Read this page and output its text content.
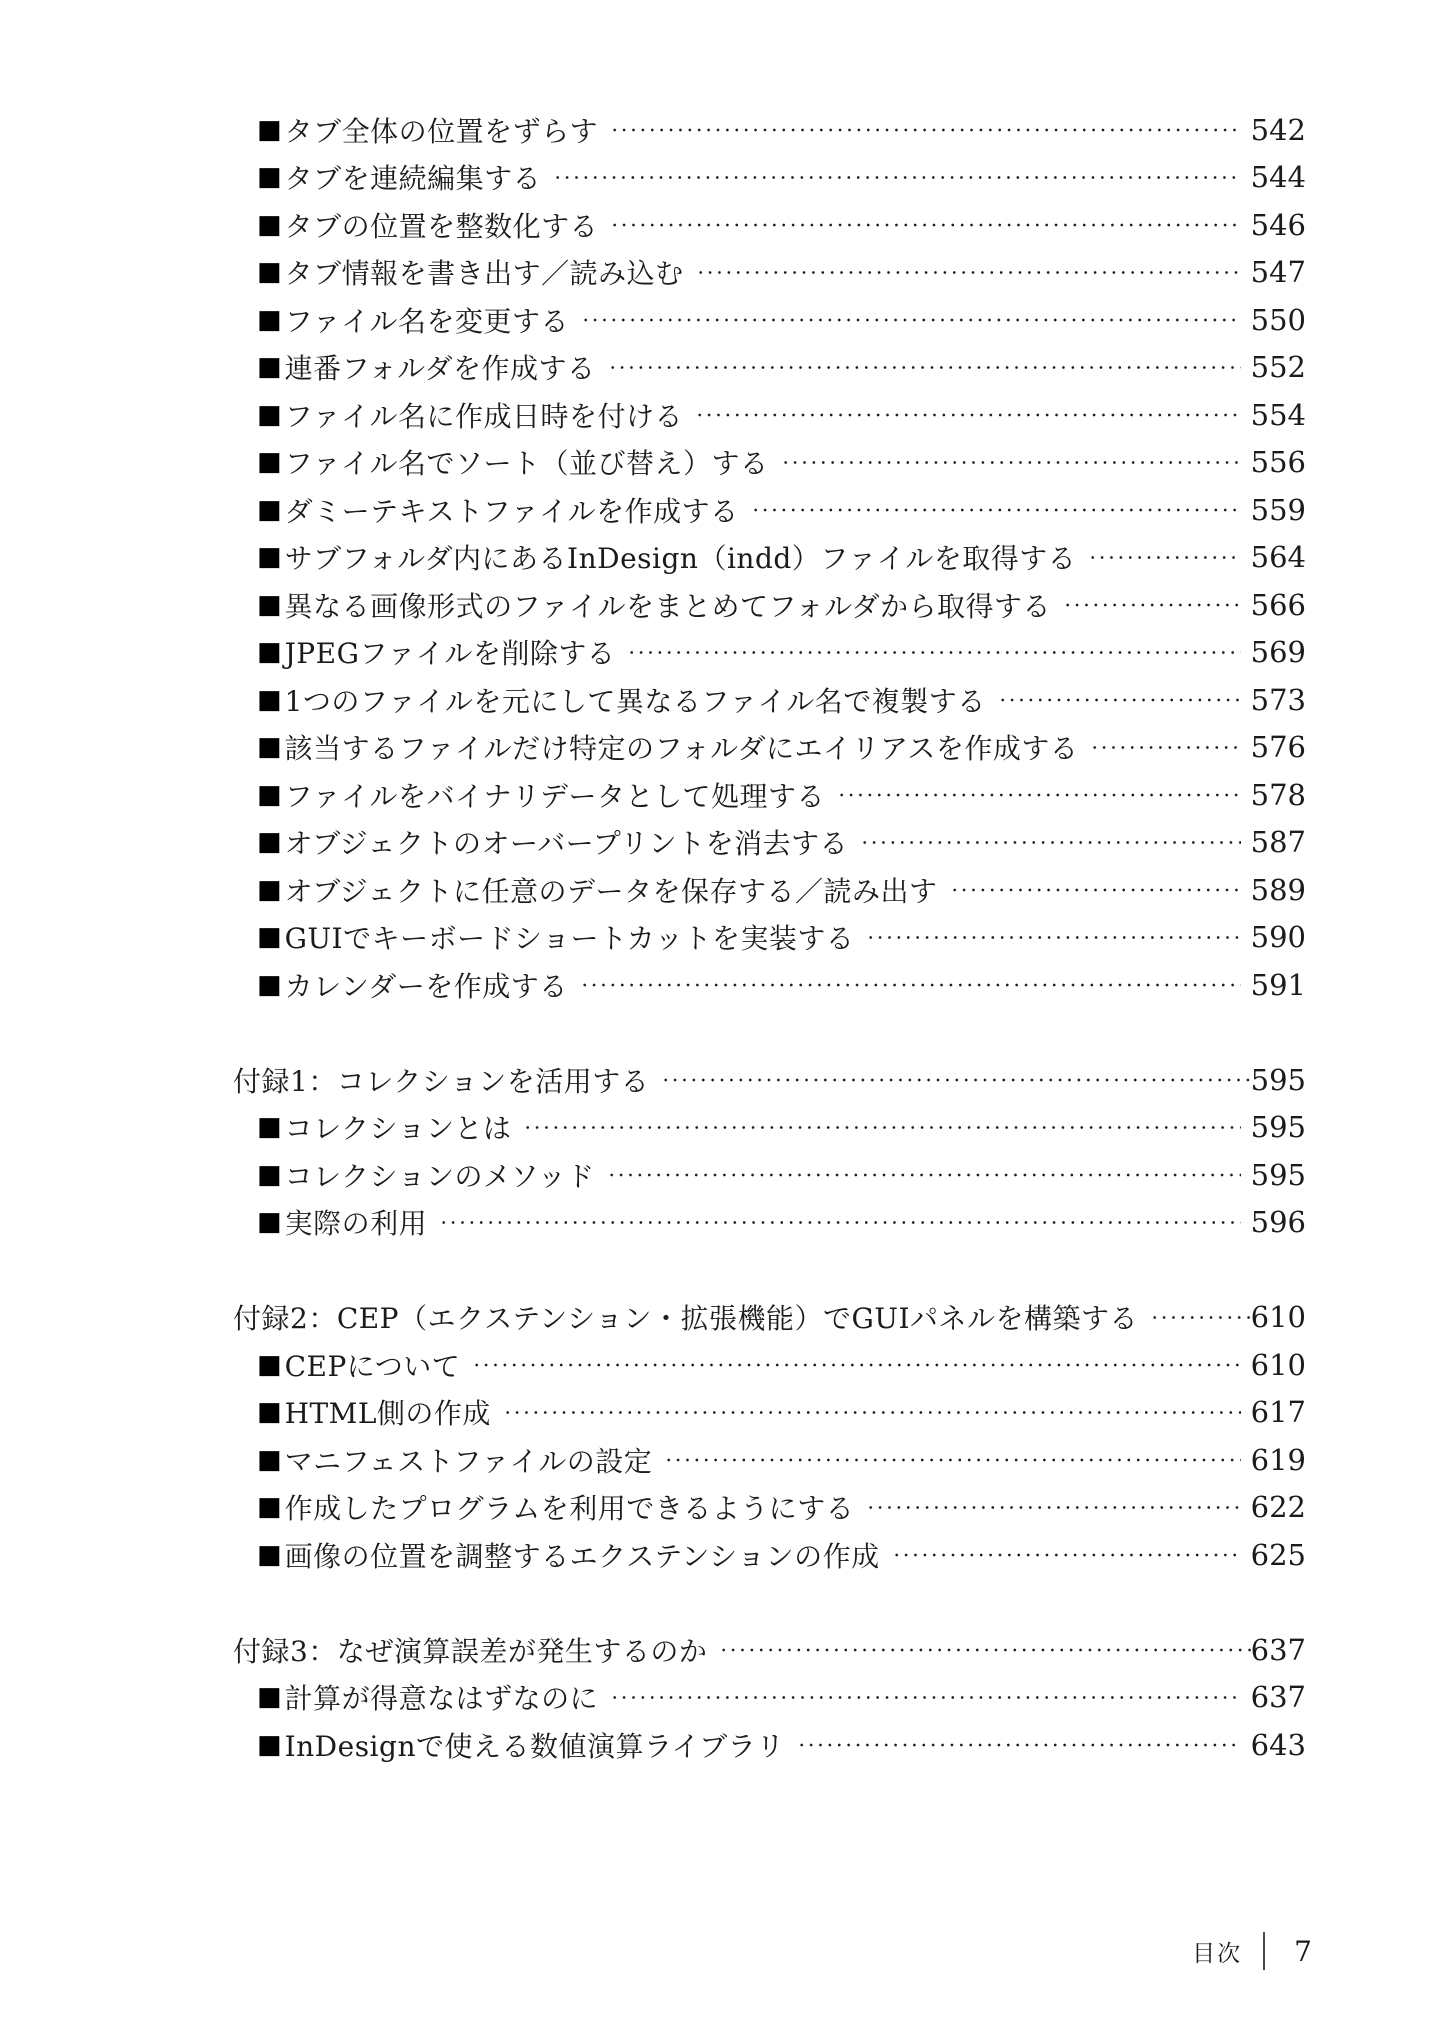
■ タブ全体の位置をずらす	542
■ タブを連続編集する	544
■ タブの位置を整数化する	546
■ タブ情報を書き出す／読み込む	547
■ ファイル名を変更する	550
■ 連番フォルダを作成する	552
■ ファイル名に作成日時を付ける	554
■ ファイル名でソート（並び替え）する	556
■ ダミーテキストファイルを作成する	559
■ サブフォルダ内にあるInDesign（indd）ファイルを取得する	564
■ 異なる画像形式のファイルをまとめてフォルダから取得する	566
■ JPEGファイルを削除する	569
■ 1つのファイルを元にして異なるファイル名で複製する	573
■ 該当するファイルだけ特定のフォルダにエイリアスを作成する	576
■ ファイルをバイナリデータとして処理する	578
■ オブジェクトのオーバープリントを消去する	587
■ オブジェクトに任意のデータを保存する／読み出す	589
■ GUIでキーボードショートカットを実装する	590
■ カレンダーを作成する	591
付録1：コレクションを活用する	595
■ コレクションとは	595
■ コレクションのメソッド	595
■ 実際の利用	596
付録2：CEP（エクステンション・拡張機能）でGUIパネルを構築する	610
■ CEPについて	610
■ HTML側の作成	617
■ マニフェストファイルの設定	619
■ 作成したプログラムを利用できるようにする	622
■ 画像の位置を調整するエクステンションの作成	625
付録3：なぜ演算誤差が発生するのか	637
■ 計算が得意なはずなのに	637
■ InDesignで使える数値演算ライブラリ	643
目次 7
